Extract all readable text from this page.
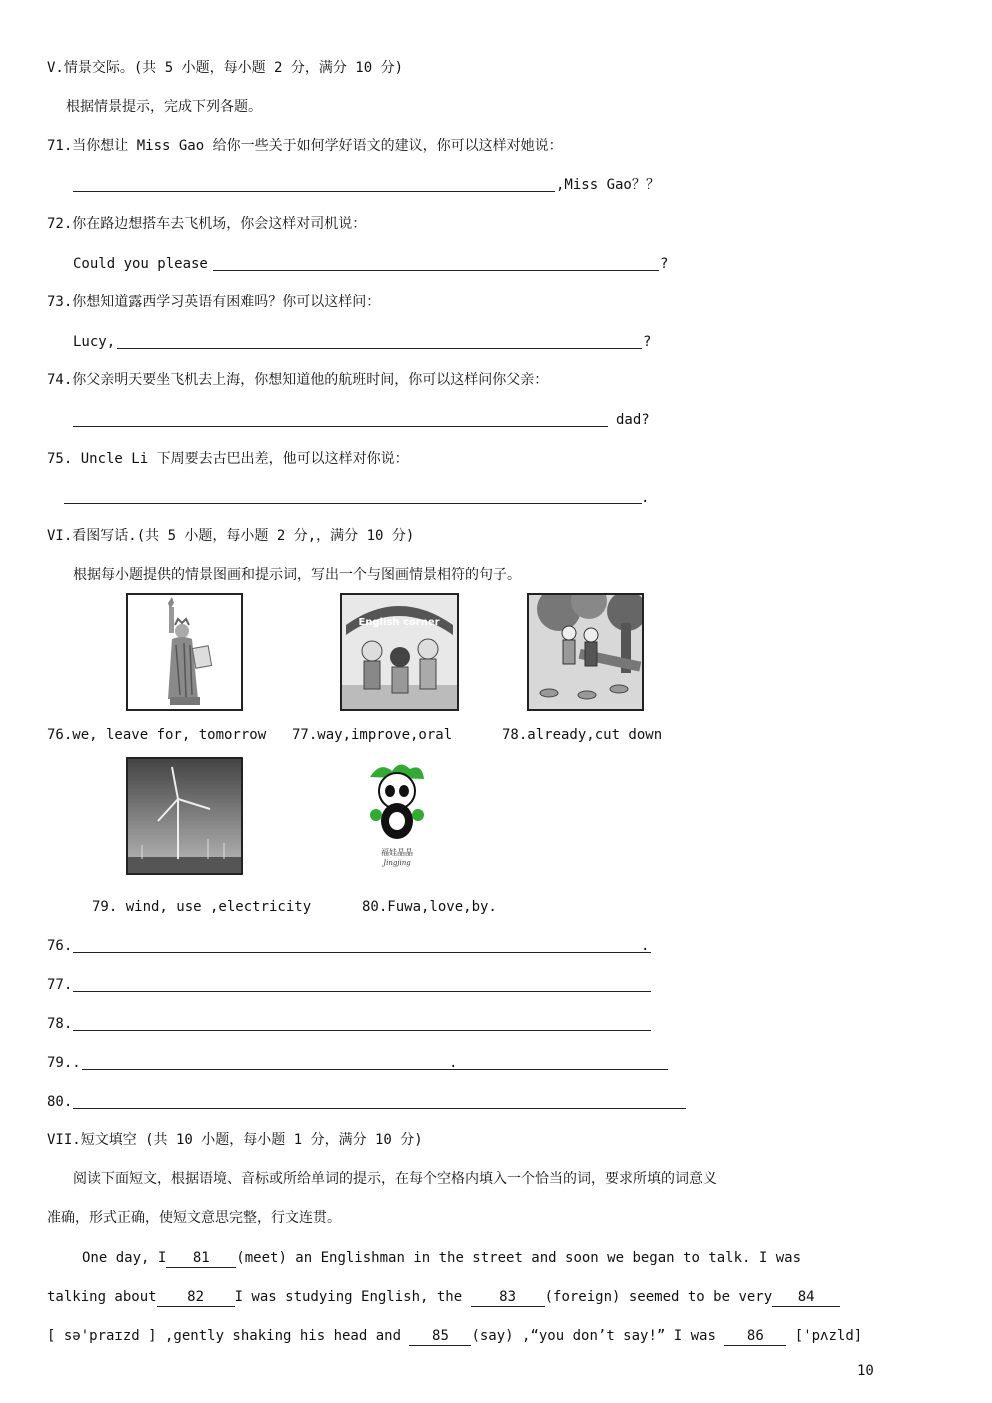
V.情景交际。(共 5 小题，每小题 2 分，满分 10 分)
根据情景提示，完成下列各题。
71.当你想让 Miss Gao 给你一些关于如何学好语文的建议，你可以这样对她说：
,Miss Gao？？
72.你在路边想搭车去飞机场，你会这样对司机说：
Could you please	?
73.你想知道露西学习英语有困难吗？你可以这样问：
Lucy,	?
74.你父亲明天要坐飞机去上海，你想知道他的航班时间，你可以这样问你父亲：
dad?
75. Uncle Li 下周要去古巴出差，他可以这样对你说：
.
VI.看图写话.(共 5 小题，每小题 2 分,，满分 10 分)
根据每小题提供的情景图画和提示词，写出一个与图画情景相符的句子。
English corner
76.we, leave for, tomorrow 77.way,improve,oral	78.already,cut down
福娃晶晶
Jingjing
79. wind, use ,electricity	80.Fuwa,love,by.
76.	.
77.
78.
79..	.
80.
VII.短文填空 (共 10 小题，每小题 1 分，满分 10 分)
阅读下面短文，根据语境、音标或所给单词的提示，在每个空格内填入一个恰当的词，要求所填的词意义
准确，形式正确，使短文意思完整，行文连贯。
One day, I 81 (meet) an Englishman in the street and soon we began to talk. I was
talking about 82 I was studying English, the	83 (foreign) seemed to be very 84
[ sə'praɪzd ] ,gently shaking his head and 85 (say) ,“you don’t say!” I was 86 ['pʌzld]
10
